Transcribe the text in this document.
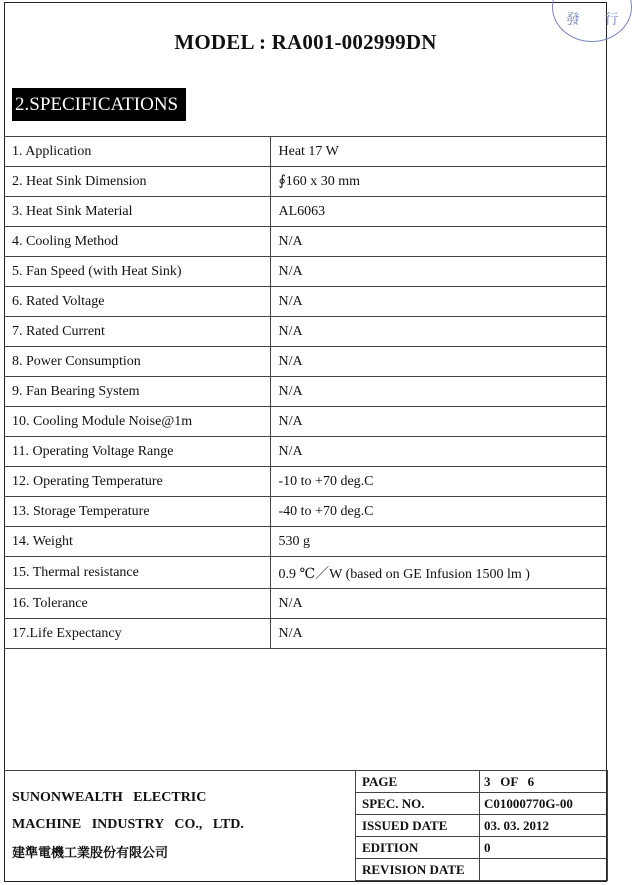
發 行
MODEL : RA001-002999DN
2.SPECIFICATIONS
1. Application	Heat 17 W
2. Heat Sink Dimension	∮160 x 30 mm
3. Heat Sink Material	AL6063
4. Cooling Method	N/A
5. Fan Speed (with Heat Sink)	N/A
6. Rated Voltage	N/A
7. Rated Current	N/A
8. Power Consumption	N/A
9. Fan Bearing System	N/A
10. Cooling Module Noise@1m	N/A
11. Operating Voltage Range	N/A
12. Operating Temperature	-10 to +70 deg.C
13. Storage Temperature	-40 to +70 deg.C
14. Weight	530 g
15. Thermal resistance	0.9 ℃／W (based on GE Infusion 1500 lm )
16. Tolerance	N/A
17.Life Expectancy	N/A
SUNONWEALTH   ELECTRIC
MACHINE   INDUSTRY   CO.,   LTD.
建準電機工業股份有限公司
PAGE	3   OF   6
SPEC. NO.	C01000770G-00
ISSUED DATE	03. 03. 2012
EDITION	0
REVISION DATE	
